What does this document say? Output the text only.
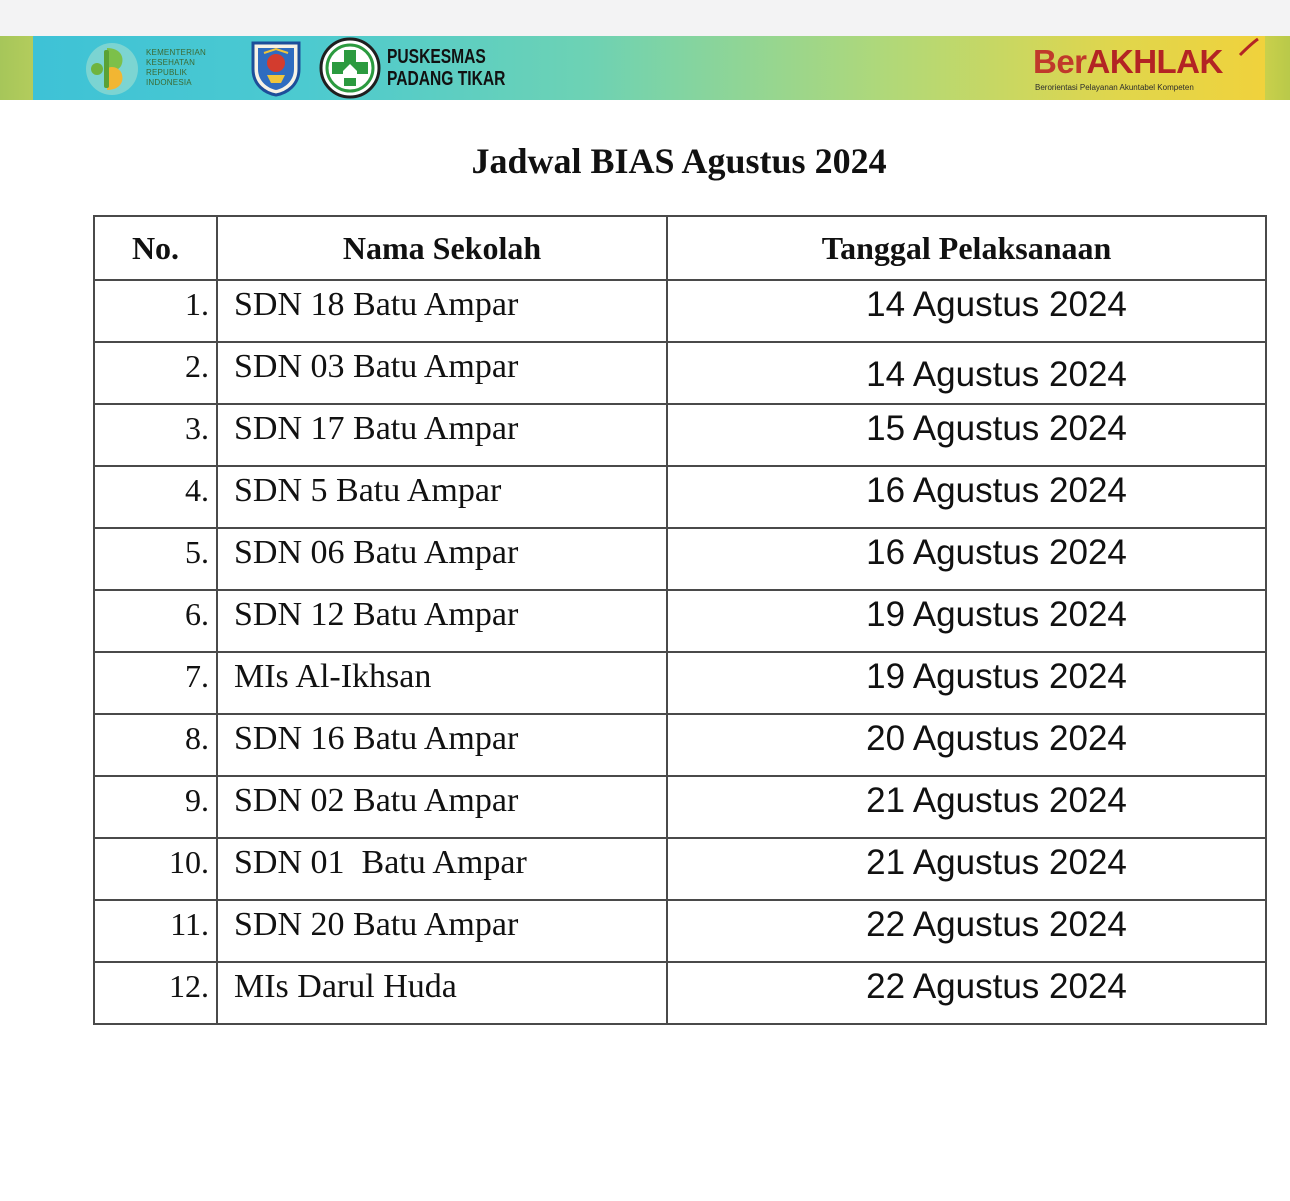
KEMENTERIAN
KESEHATAN
REPUBLIK
INDONESIA
PUSKESMAS
PADANG TIKAR	BerAKHLAK
Berorientasi Pelayanan Akuntabel Kompeten
Jadwal BIAS Agustus 2024
No.	Nama Sekolah	Tanggal Pelaksanaan
1.	SDN 18 Batu Ampar	14 Agustus 2024
2.	SDN 03 Batu Ampar	14 Agustus 2024
3.	SDN 17 Batu Ampar	15 Agustus 2024
4.	SDN 5 Batu Ampar	16 Agustus 2024
5.	SDN 06 Batu Ampar	16 Agustus 2024
6.	SDN 12 Batu Ampar	19 Agustus 2024
7.	MIs Al-Ikhsan	19 Agustus 2024
8.	SDN 16 Batu Ampar	20 Agustus 2024
9.	SDN 02 Batu Ampar	21 Agustus 2024
10.	SDN 01  Batu Ampar	21 Agustus 2024
11.	SDN 20 Batu Ampar	22 Agustus 2024
12.	MIs Darul Huda	22 Agustus 2024
